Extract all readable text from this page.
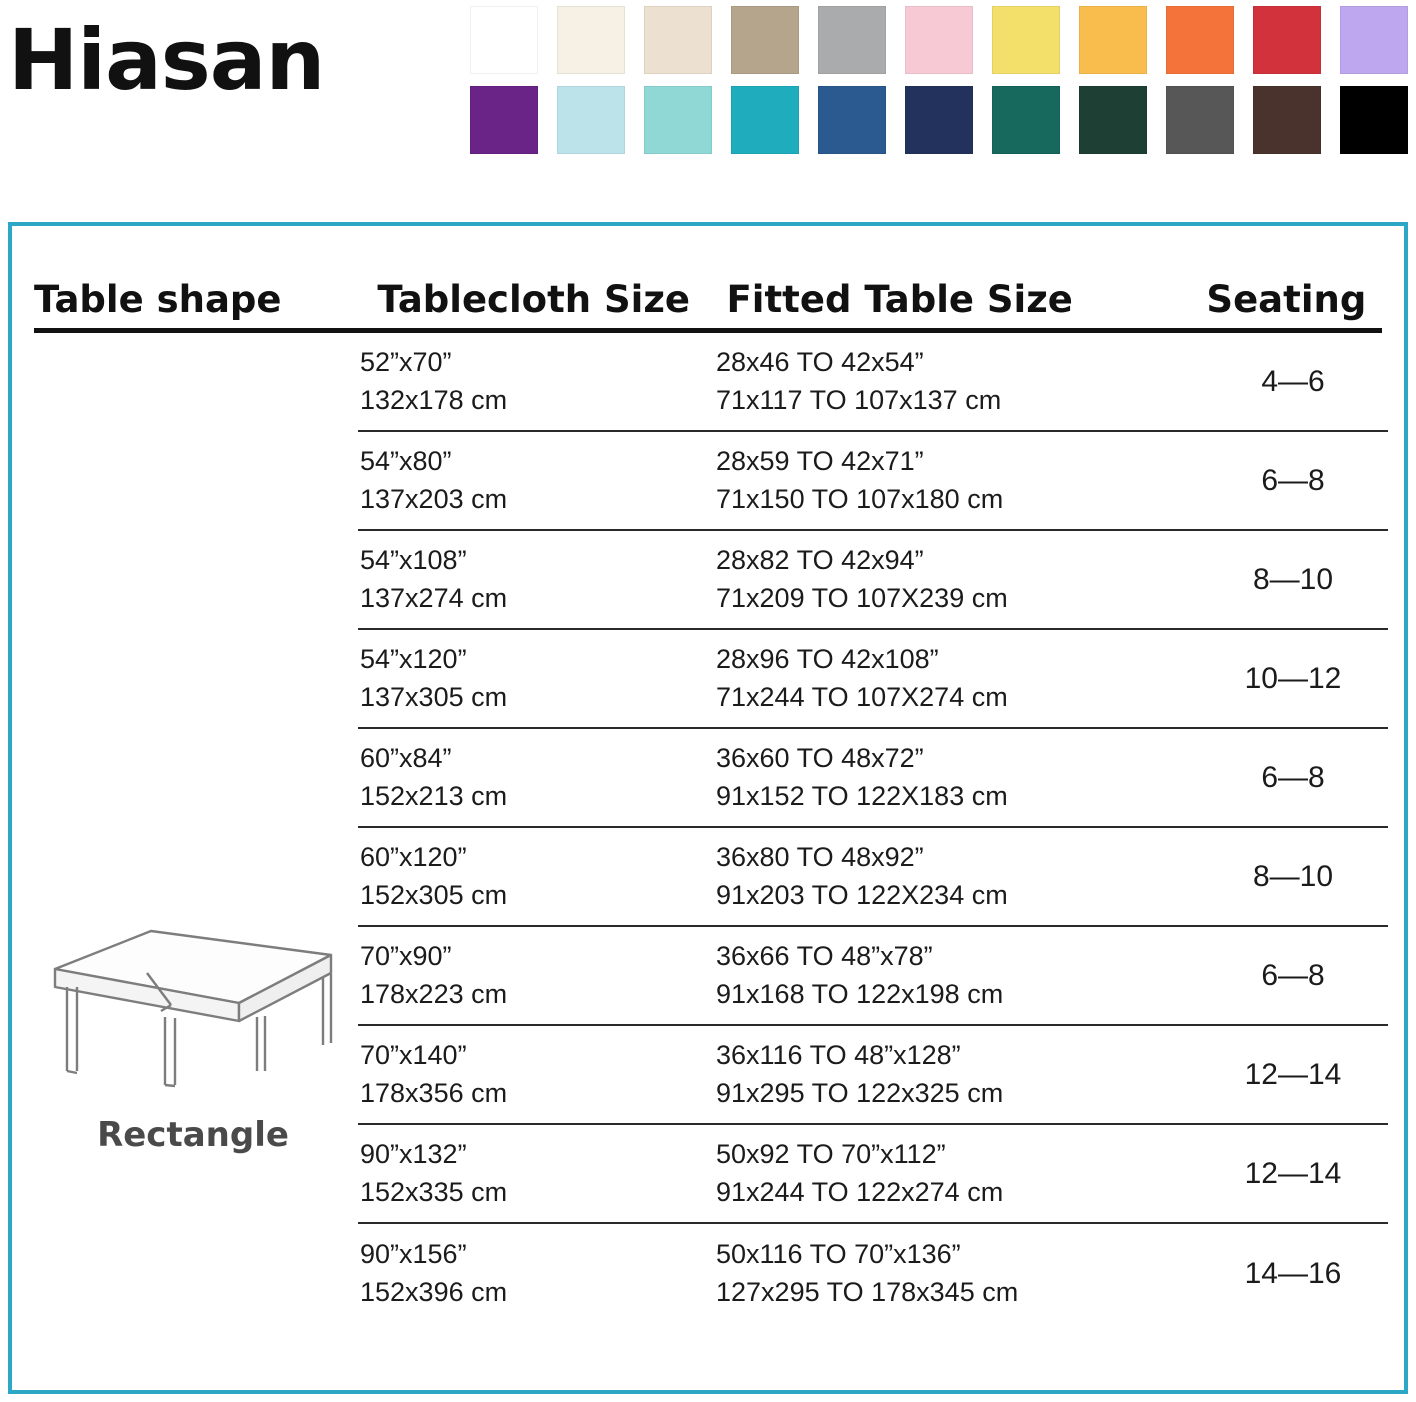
Hiasan
Table shape	Tablecloth Size Fitted Table Size	Seating
Rectangle
52”x70”
132x178 cm
28x46 TO 42x54”
71x117 TO 107x137 cm
4—6
54”x80”
137x203 cm
28x59 TO 42x71”
71x150 TO 107x180 cm
6—8
54”x108”
137x274 cm
28x82 TO 42x94”
71x209 TO 107X239 cm
8—10
54”x120”
137x305 cm
28x96 TO 42x108”
71x244 TO 107X274 cm
10—12
60”x84”
152x213 cm
36x60 TO 48x72”
91x152 TO 122X183 cm
6—8
60”x120”
152x305 cm
36x80 TO 48x92”
91x203 TO 122X234 cm
8—10
70”x90”
178x223 cm
36x66 TO 48”x78”
91x168 TO 122x198 cm
6—8
70”x140”
178x356 cm
36x116 TO 48”x128”
91x295 TO 122x325 cm
12—14
90”x132”
152x335 cm
50x92 TO 70”x112”
91x244 TO 122x274 cm
12—14
90”x156”
152x396 cm
50x116 TO 70”x136”
127x295 TO 178x345 cm
14—16
